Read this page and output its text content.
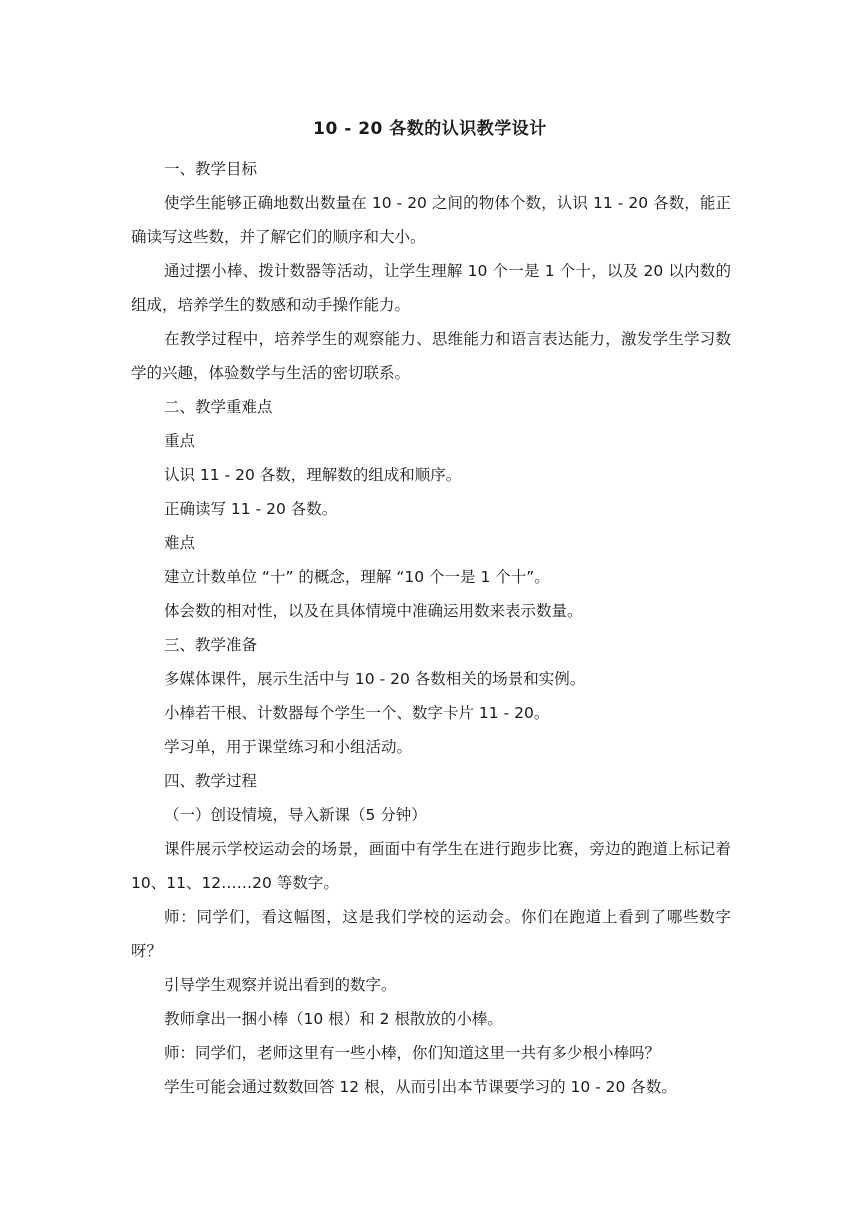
10 - 20 各数的认识教学设计

一、教学目标

使学生能够正确地数出数量在 10 - 20 之间的物体个数，认识 11 - 20 各数，能正确读写这些数，并了解它们的顺序和大小。

通过摆小棒、拨计数器等活动，让学生理解 10 个一是 1 个十，以及 20 以内数的组成，培养学生的数感和动手操作能力。

在教学过程中，培养学生的观察能力、思维能力和语言表达能力，激发学生学习数学的兴趣，体验数学与生活的密切联系。

二、教学重难点

重点

认识 11 - 20 各数，理解数的组成和顺序。

正确读写 11 - 20 各数。

难点

建立计数单位 “十” 的概念，理解 “10 个一是 1 个十”。

体会数的相对性，以及在具体情境中准确运用数来表示数量。

三、教学准备

多媒体课件，展示生活中与 10 - 20 各数相关的场景和实例。

小棒若干根、计数器每个学生一个、数字卡片 11 - 20。

学习单，用于课堂练习和小组活动。

四、教学过程

（一）创设情境，导入新课（5 分钟）

课件展示学校运动会的场景，画面中有学生在进行跑步比赛，旁边的跑道上标记着 10、11、12……20 等数字。

师：同学们，看这幅图，这是我们学校的运动会。你们在跑道上看到了哪些数字呀？

引导学生观察并说出看到的数字。

教师拿出一捆小棒（10 根）和 2 根散放的小棒。

师：同学们，老师这里有一些小棒，你们知道这里一共有多少根小棒吗？

学生可能会通过数数回答 12 根，从而引出本节课要学习的 10 - 20 各数。
